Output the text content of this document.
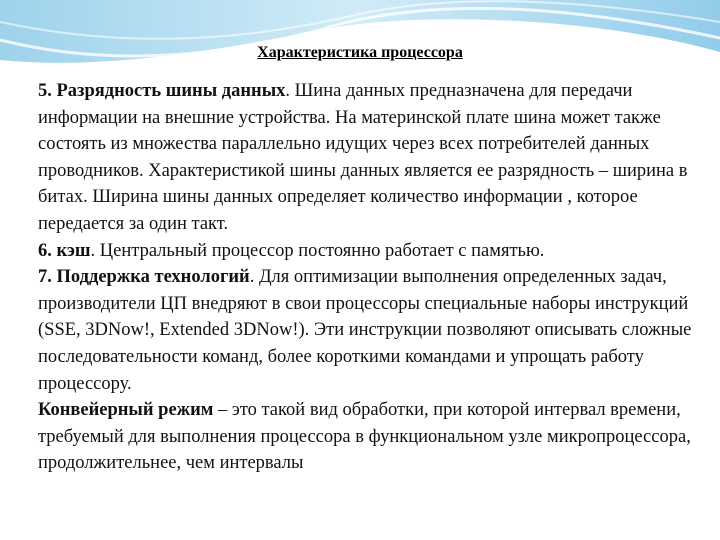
Характеристика процессора

5. Разрядность шины данных. Шина данных предназначена для передачи информации на внешние устройства. На материнской плате шина может также состоять из множества параллельно идущих через всех потребителей данных проводников. Характеристикой шины данных является ее разрядность – ширина в битах. Ширина шины данных определяет количество информации , которое передается за один такт.

6. кэш. Центральный процессор постоянно работает с памятью.

7. Поддержка технологий. Для оптимизации выполнения определенных задач, производители ЦП внедряют в свои процессоры специальные наборы инструкций (SSE, 3DNow!, Extended 3DNow!). Эти инструкции позволяют описывать сложные последовательности команд, более короткими командами и упрощать работу процессору.

Конвейерный режим – это такой вид обработки, при которой интервал времени, требуемый для выполнения процессора в функциональном узле микропроцессора, продолжительнее, чем интервалы
